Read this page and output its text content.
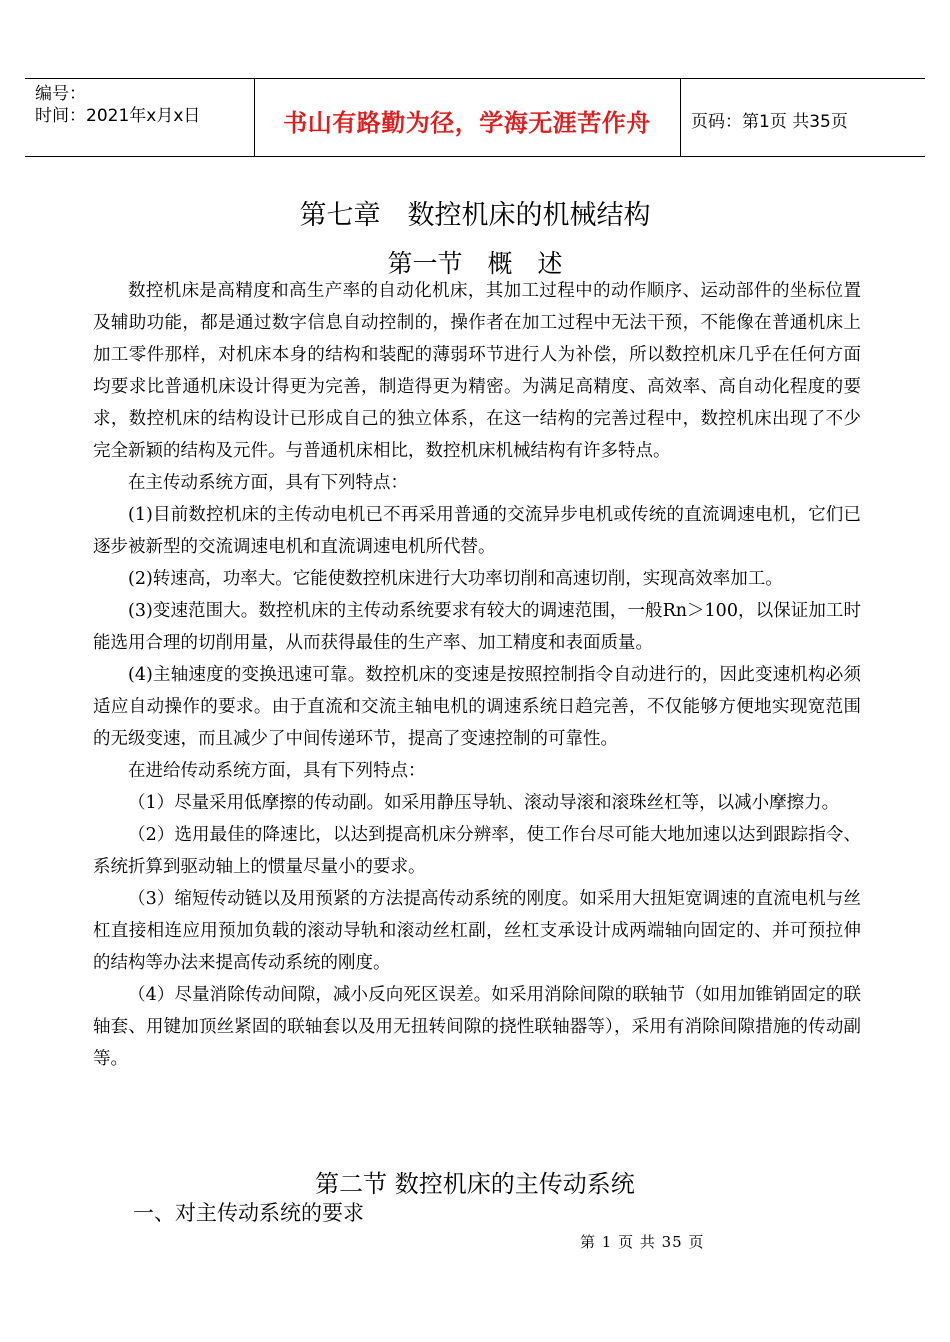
编号：
时间：2021年x月x日	书山有路勤为径，学海无涯苦作舟	页码：第1页 共35页
第七章　数控机床的机械结构
第一节　概　述

数控机床是高精度和高生产率的自动化机床，其加工过程中的动作顺序、运动部件的坐标位置及辅助功能，都是通过数字信息自动控制的，操作者在加工过程中无法干预，不能像在普通机床上加工零件那样，对机床本身的结构和装配的薄弱环节进行人为补偿，所以数控机床几乎在任何方面均要求比普通机床设计得更为完善，制造得更为精密。为满足高精度、高效率、高自动化程度的要求，数控机床的结构设计已形成自己的独立体系，在这一结构的完善过程中，数控机床出现了不少完全新颖的结构及元件。与普通机床相比，数控机床机械结构有许多特点。

在主传动系统方面，具有下列特点：

(1)目前数控机床的主传动电机已不再采用普通的交流异步电机或传统的直流调速电机，它们已逐步被新型的交流调速电机和直流调速电机所代替。

(2)转速高，功率大。它能使数控机床进行大功率切削和高速切削，实现高效率加工。

(3)变速范围大。数控机床的主传动系统要求有较大的调速范围，一般Rn＞100，以保证加工时能选用合理的切削用量，从而获得最佳的生产率、加工精度和表面质量。

(4)主轴速度的变换迅速可靠。数控机床的变速是按照控制指令自动进行的，因此变速机构必须适应自动操作的要求。由于直流和交流主轴电机的调速系统日趋完善，不仅能够方便地实现宽范围的无级变速，而且减少了中间传递环节，提高了变速控制的可靠性。

在进给传动系统方面，具有下列特点：

（1）尽量采用低摩擦的传动副。如采用静压导轨、滚动导滚和滚珠丝杠等，以减小摩擦力。

（2）选用最佳的降速比，以达到提高机床分辨率，使工作台尽可能大地加速以达到跟踪指令、系统折算到驱动轴上的惯量尽量小的要求。

（3）缩短传动链以及用预紧的方法提高传动系统的刚度。如采用大扭矩宽调速的直流电机与丝杠直接相连应用预加负载的滚动导轨和滚动丝杠副，丝杠支承设计成两端轴向固定的、并可预拉伸的结构等办法来提高传动系统的刚度。

（4）尽量消除传动间隙，减小反向死区误差。如采用消除间隙的联轴节（如用加锥销固定的联轴套、用键加顶丝紧固的联轴套以及用无扭转间隙的挠性联轴器等），采用有消除间隙措施的传动副等。

第二节 数控机床的主传动系统
一、对主传动系统的要求
第 1 页 共 35 页
